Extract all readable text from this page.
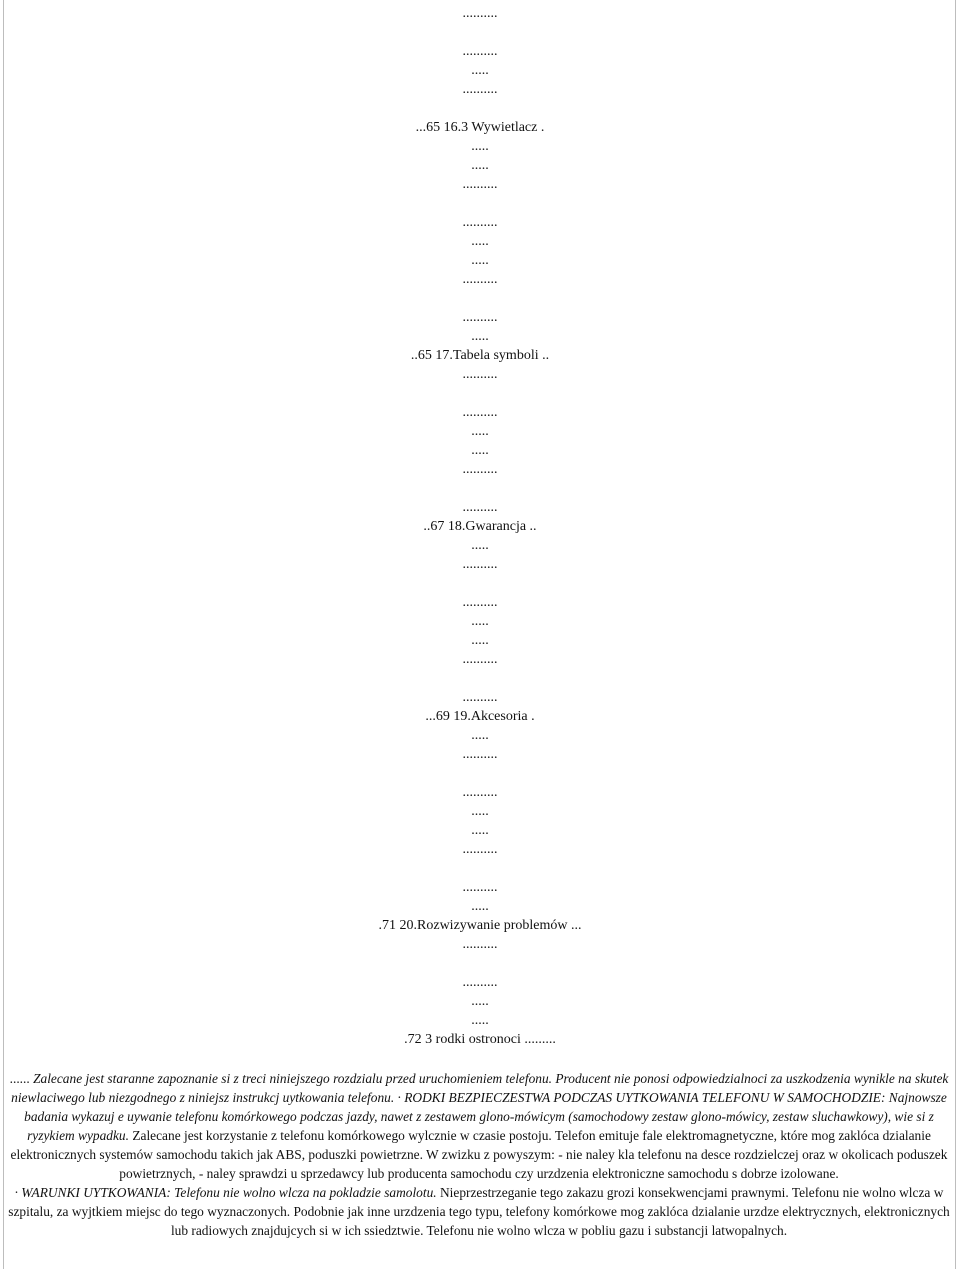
..........
..........
.....
..........
...65 16.3 Wywietlacz .
.....
.....
..........
..........
.....
.....
..........
..........
.....
..65 17.Tabela symboli ..
..........
..........
.....
.....
..........
..........
..67 18.Gwarancja ..
.....
..........
..........
.....
.....
..........
..........
...69 19.Akcesoria .
.....
..........
..........
.....
.....
..........
..........
.....
.71 20.Rozwizywanie problemów ...
..........
..........
.....
.....
.72 3 rodki ostronoci .........

...... Zalecane jest staranne zapoznanie si z treci niniejszego rozdzialu przed uruchomieniem telefonu. Producent nie ponosi odpowiedzialnoci za uszkodzenia wynikle na skutek niewlaciwego lub niezgodnego z niniejsz instrukcj uytkowania telefonu. · RODKI BEZPIECZESTWA PODCZAS UYTKOWANIA TELEFONU W SAMOCHODZIE: Najnowsze badania wykazuj e uywanie telefonu komórkowego podczas jazdy, nawet z zestawem glono-mówicym (samochodowy zestaw glono-mówicy, zestaw sluchawkowy), wie si z ryzykiem wypadku. Zalecane jest korzystanie z telefonu komórkowego wylcznie w czasie postoju. Telefon emituje fale elektromagnetyczne, które mog zaklóca dzialanie elektronicznych systemów samochodu takich jak ABS, poduszki powietrzne. W zwizku z powyszym: - nie naley kla telefonu na desce rozdzielczej oraz w okolicach poduszek powietrznych, - naley sprawdzi u sprzedawcy lub producenta samochodu czy urzdzenia elektroniczne samochodu s dobrze izolowane.

· WARUNKI UYTKOWANIA: Telefonu nie wolno wlcza na pokladzie samolotu. Nieprzestrzeganie tego zakazu grozi konsekwencjami prawnymi. Telefonu nie wolno wlcza w szpitalu, za wyjtkiem miejsc do tego wyznaczonych. Podobnie jak inne urzdzenia tego typu, telefony komórkowe mog zaklóca dzialanie urzdze elektrycznych, elektronicznych lub radiowych znajdujcych si w ich ssiedztwie. Telefonu nie wolno wlcza w pobliu gazu i substancji latwopalnych.
